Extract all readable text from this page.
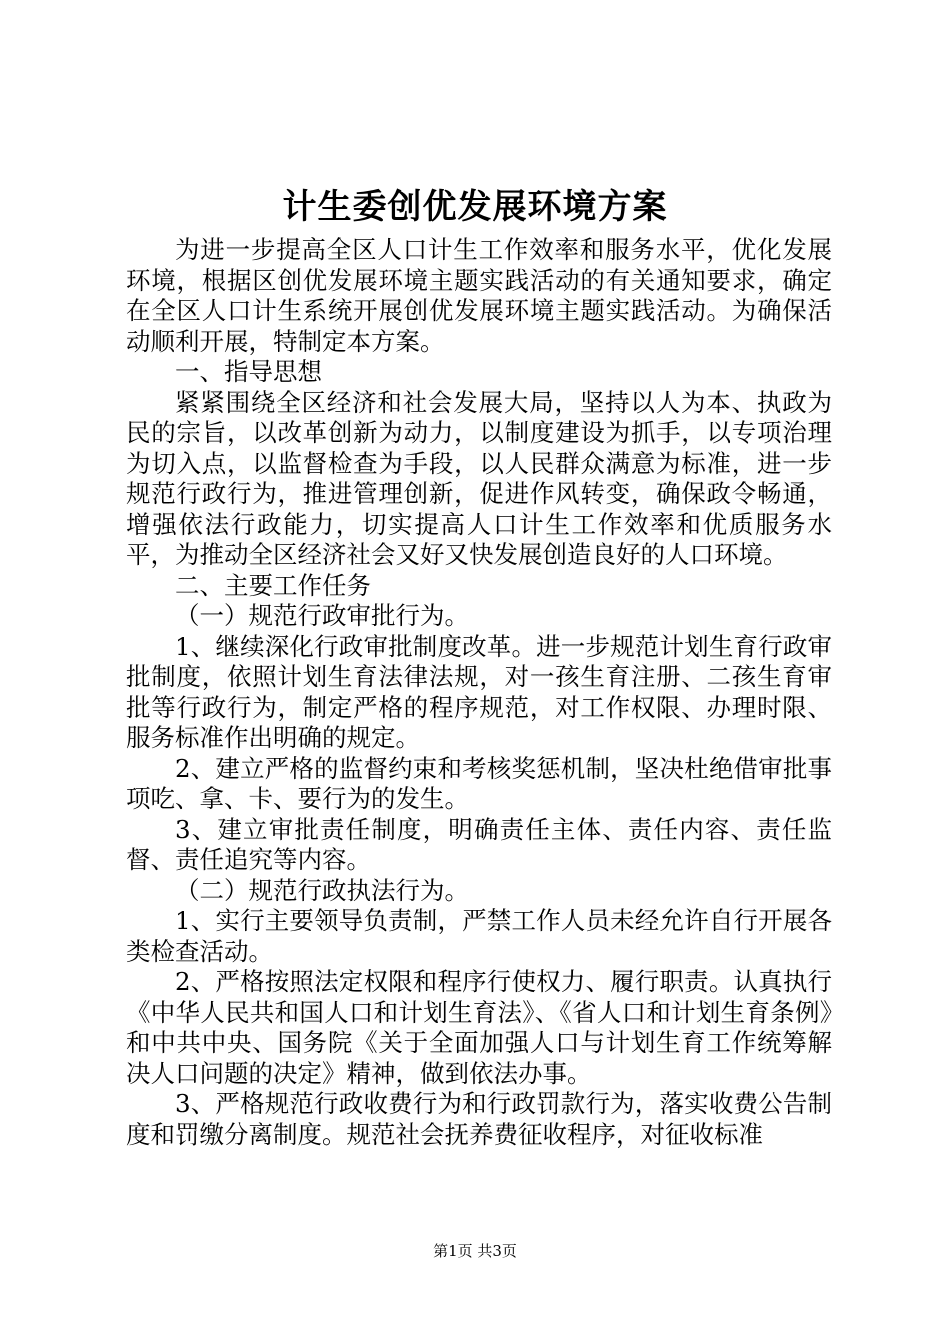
计生委创优发展环境方案

为进一步提高全区人口计生工作效率和服务水平，优化发展环境，根据区创优发展环境主题实践活动的有关通知要求，确定在全区人口计生系统开展创优发展环境主题实践活动。为确保活动顺利开展，特制定本方案。

一、指导思想

紧紧围绕全区经济和社会发展大局，坚持以人为本、执政为民的宗旨，以改革创新为动力，以制度建设为抓手，以专项治理为切入点，以监督检查为手段，以人民群众满意为标准，进一步规范行政行为，推进管理创新，促进作风转变，确保政令畅通，增强依法行政能力，切实提高人口计生工作效率和优质服务水平，为推动全区经济社会又好又快发展创造良好的人口环境。

二、主要工作任务

（一）规范行政审批行为。

1、继续深化行政审批制度改革。进一步规范计划生育行政审批制度，依照计划生育法律法规，对一孩生育注册、二孩生育审批等行政行为，制定严格的程序规范，对工作权限、办理时限、服务标准作出明确的规定。

2、建立严格的监督约束和考核奖惩机制，坚决杜绝借审批事项吃、拿、卡、要行为的发生。

3、建立审批责任制度，明确责任主体、责任内容、责任监督、责任追究等内容。

（二）规范行政执法行为。

1、实行主要领导负责制，严禁工作人员未经允许自行开展各类检查活动。

2、严格按照法定权限和程序行使权力、履行职责。认真执行《中华人民共和国人口和计划生育法》、《省人口和计划生育条例》和中共中央、国务院《关于全面加强人口与计划生育工作统筹解决人口问题的决定》精神，做到依法办事。

3、严格规范行政收费行为和行政罚款行为，落实收费公告制度和罚缴分离制度。规范社会抚养费征收程序，对征收标准

第1页 共3页
